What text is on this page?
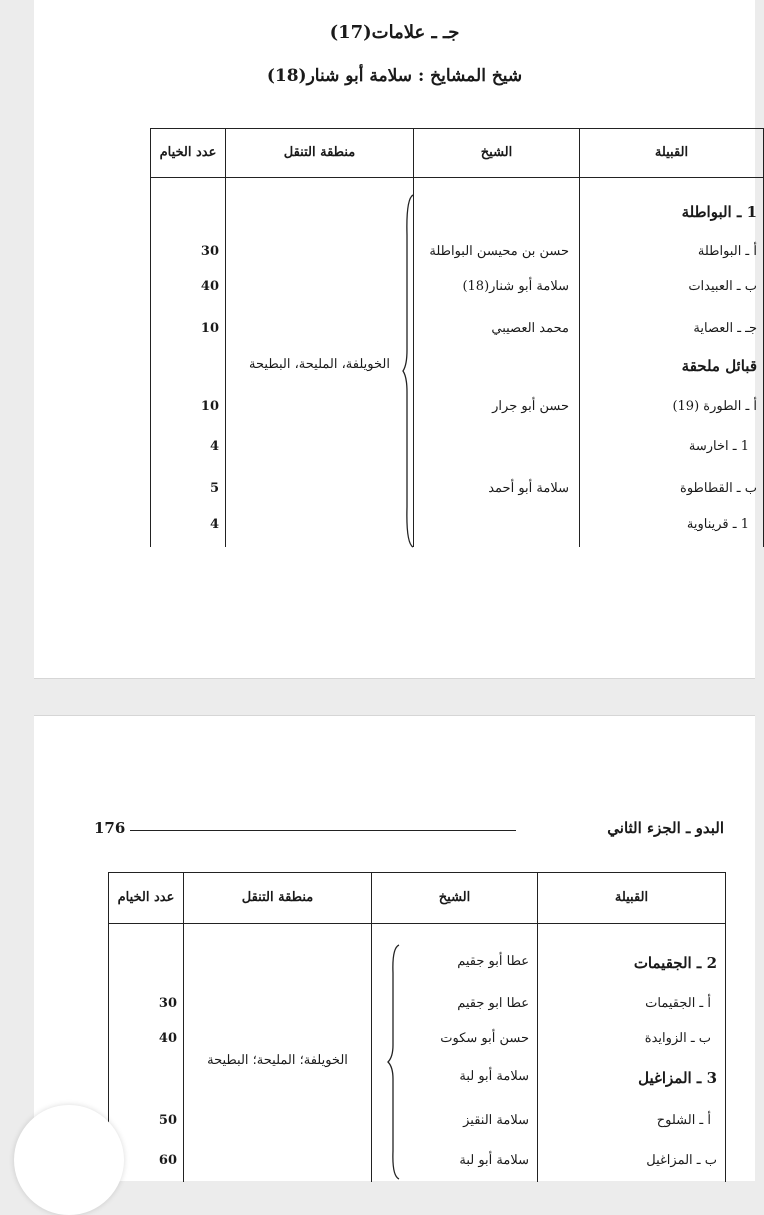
جـ ـ علامات(17)
شيخ المشايخ : سلامة أبو شنار(18)
القبيلة
الشيخ
منطقة التنقل
عدد الخيام
الخويلفة، المليحة، البطيحة
1 ـ البواطلة
أ ـ البواطلة
حسن بن محيسن البواطلة
30
ب ـ العبيدات
سلامة أبو شنار(18)
40
جـ ـ العصاية
محمد العصيبي
10
قبائل ملحقة
أ ـ الطورة (19)
حسن أبو جرار
10
1 ـ اخارسة
4
ب ـ القطاطوة
سلامة أبو أحمد
5
1 ـ قريناوية
4
البدو ـ الجزء الثاني
176
القبيلة
الشيخ
منطقة التنقل
عدد الخيام
الخويلفة؛ المليحة؛ البطيحة
2 ـ الجقيمات
عطا أبو جقيم
أ ـ الجقيمات
عطا ابو جقيم
30
ب ـ الزوايدة
حسن أبو سكوت
40
3 ـ المزاغيل
سلامة أبو لبة
أ ـ الشلوح
سلامة النقيز
50
ب ـ المزاغيل
سلامة أبو لبة
60
